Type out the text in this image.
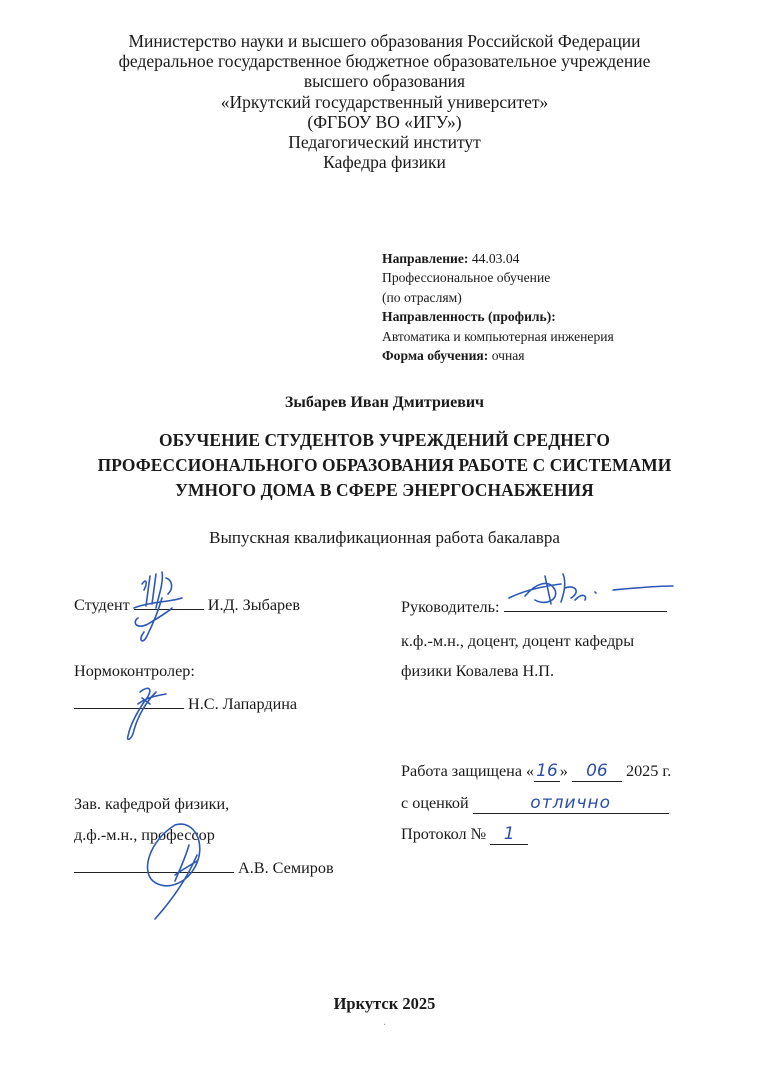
Министерство науки и высшего образования Российской Федерации
федеральное государственное бюджетное образовательное учреждение
высшего образования
«Иркутский государственный университет»
(ФГБОУ ВО «ИГУ»)
Педагогический институт
Кафедра физики
Направление: 44.03.04
Профессиональное обучение
(по отраслям)
Направленность (профиль):
Автоматика и компьютерная инженерия
Форма обучения: очная
Зыбарев Иван Дмитриевич
ОБУЧЕНИЕ СТУДЕНТОВ УЧРЕЖДЕНИЙ СРЕДНЕГО
ПРОФЕССИОНАЛЬНОГО ОБРАЗОВАНИЯ РАБОТЕ С СИСТЕМАМИ
УМНОГО ДОМА В СФЕРЕ ЭНЕРГОСНАБЖЕНИЯ
Выпускная квалификационная работа бакалавра
Студент	И.Д. Зыбарев
Нормоконтролер:
Н.С. Лапардина
Руководитель:
к.ф.-м.н., доцент, доцент кафедры
физики Ковалева Н.П.
Работа защищена « 16 » 06 2025 г.
с оценкой	отлично
Протокол № 1
Зав. кафедрой физики,
д.ф.-м.н., профессор
А.В. Семиров
Иркутск 2025
·
